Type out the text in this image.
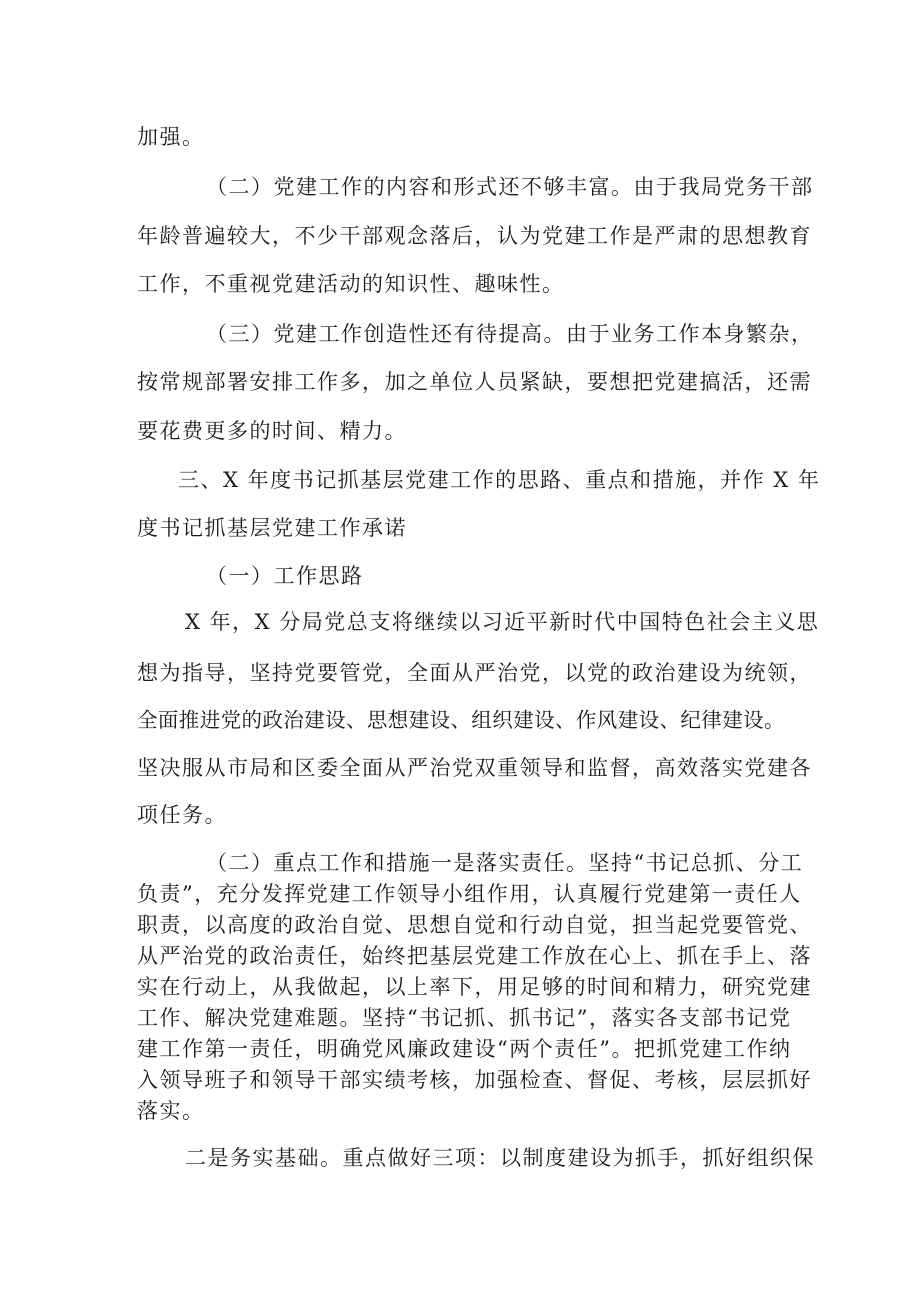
加强。
（二）党建工作的内容和形式还不够丰富。由于我局党务干部
年龄普遍较大，不少干部观念落后，认为党建工作是严肃的思想教育
工作，不重视党建活动的知识性、趣味性。
（三）党建工作创造性还有待提高。由于业务工作本身繁杂，
按常规部署安排工作多，加之单位人员紧缺，要想把党建搞活，还需
要花费更多的时间、精力。
三、X 年度书记抓基层党建工作的思路、重点和措施，并作 X 年
度书记抓基层党建工作承诺
（一）工作思路
X 年，X 分局党总支将继续以习近平新时代中国特色社会主义思
想为指导，坚持党要管党，全面从严治党，以党的政治建设为统领，
全面推进党的政治建设、思想建设、组织建设、作风建设、纪律建设。
坚决服从市局和区委全面从严治党双重领导和监督，高效落实党建各
项任务。
（二）重点工作和措施一是落实责任。坚持“书记总抓、分工
负责”，充分发挥党建工作领导小组作用，认真履行党建第一责任人
职责，以高度的政治自觉、思想自觉和行动自觉，担当起党要管党、
从严治党的政治责任，始终把基层党建工作放在心上、抓在手上、落
实在行动上，从我做起，以上率下，用足够的时间和精力，研究党建
工作、解决党建难题。坚持“书记抓、抓书记”，落实各支部书记党
建工作第一责任，明确党风廉政建设“两个责任”。把抓党建工作纳
入领导班子和领导干部实绩考核，加强检查、督促、考核，层层抓好
落实。
二是务实基础。重点做好三项：以制度建设为抓手，抓好组织保
